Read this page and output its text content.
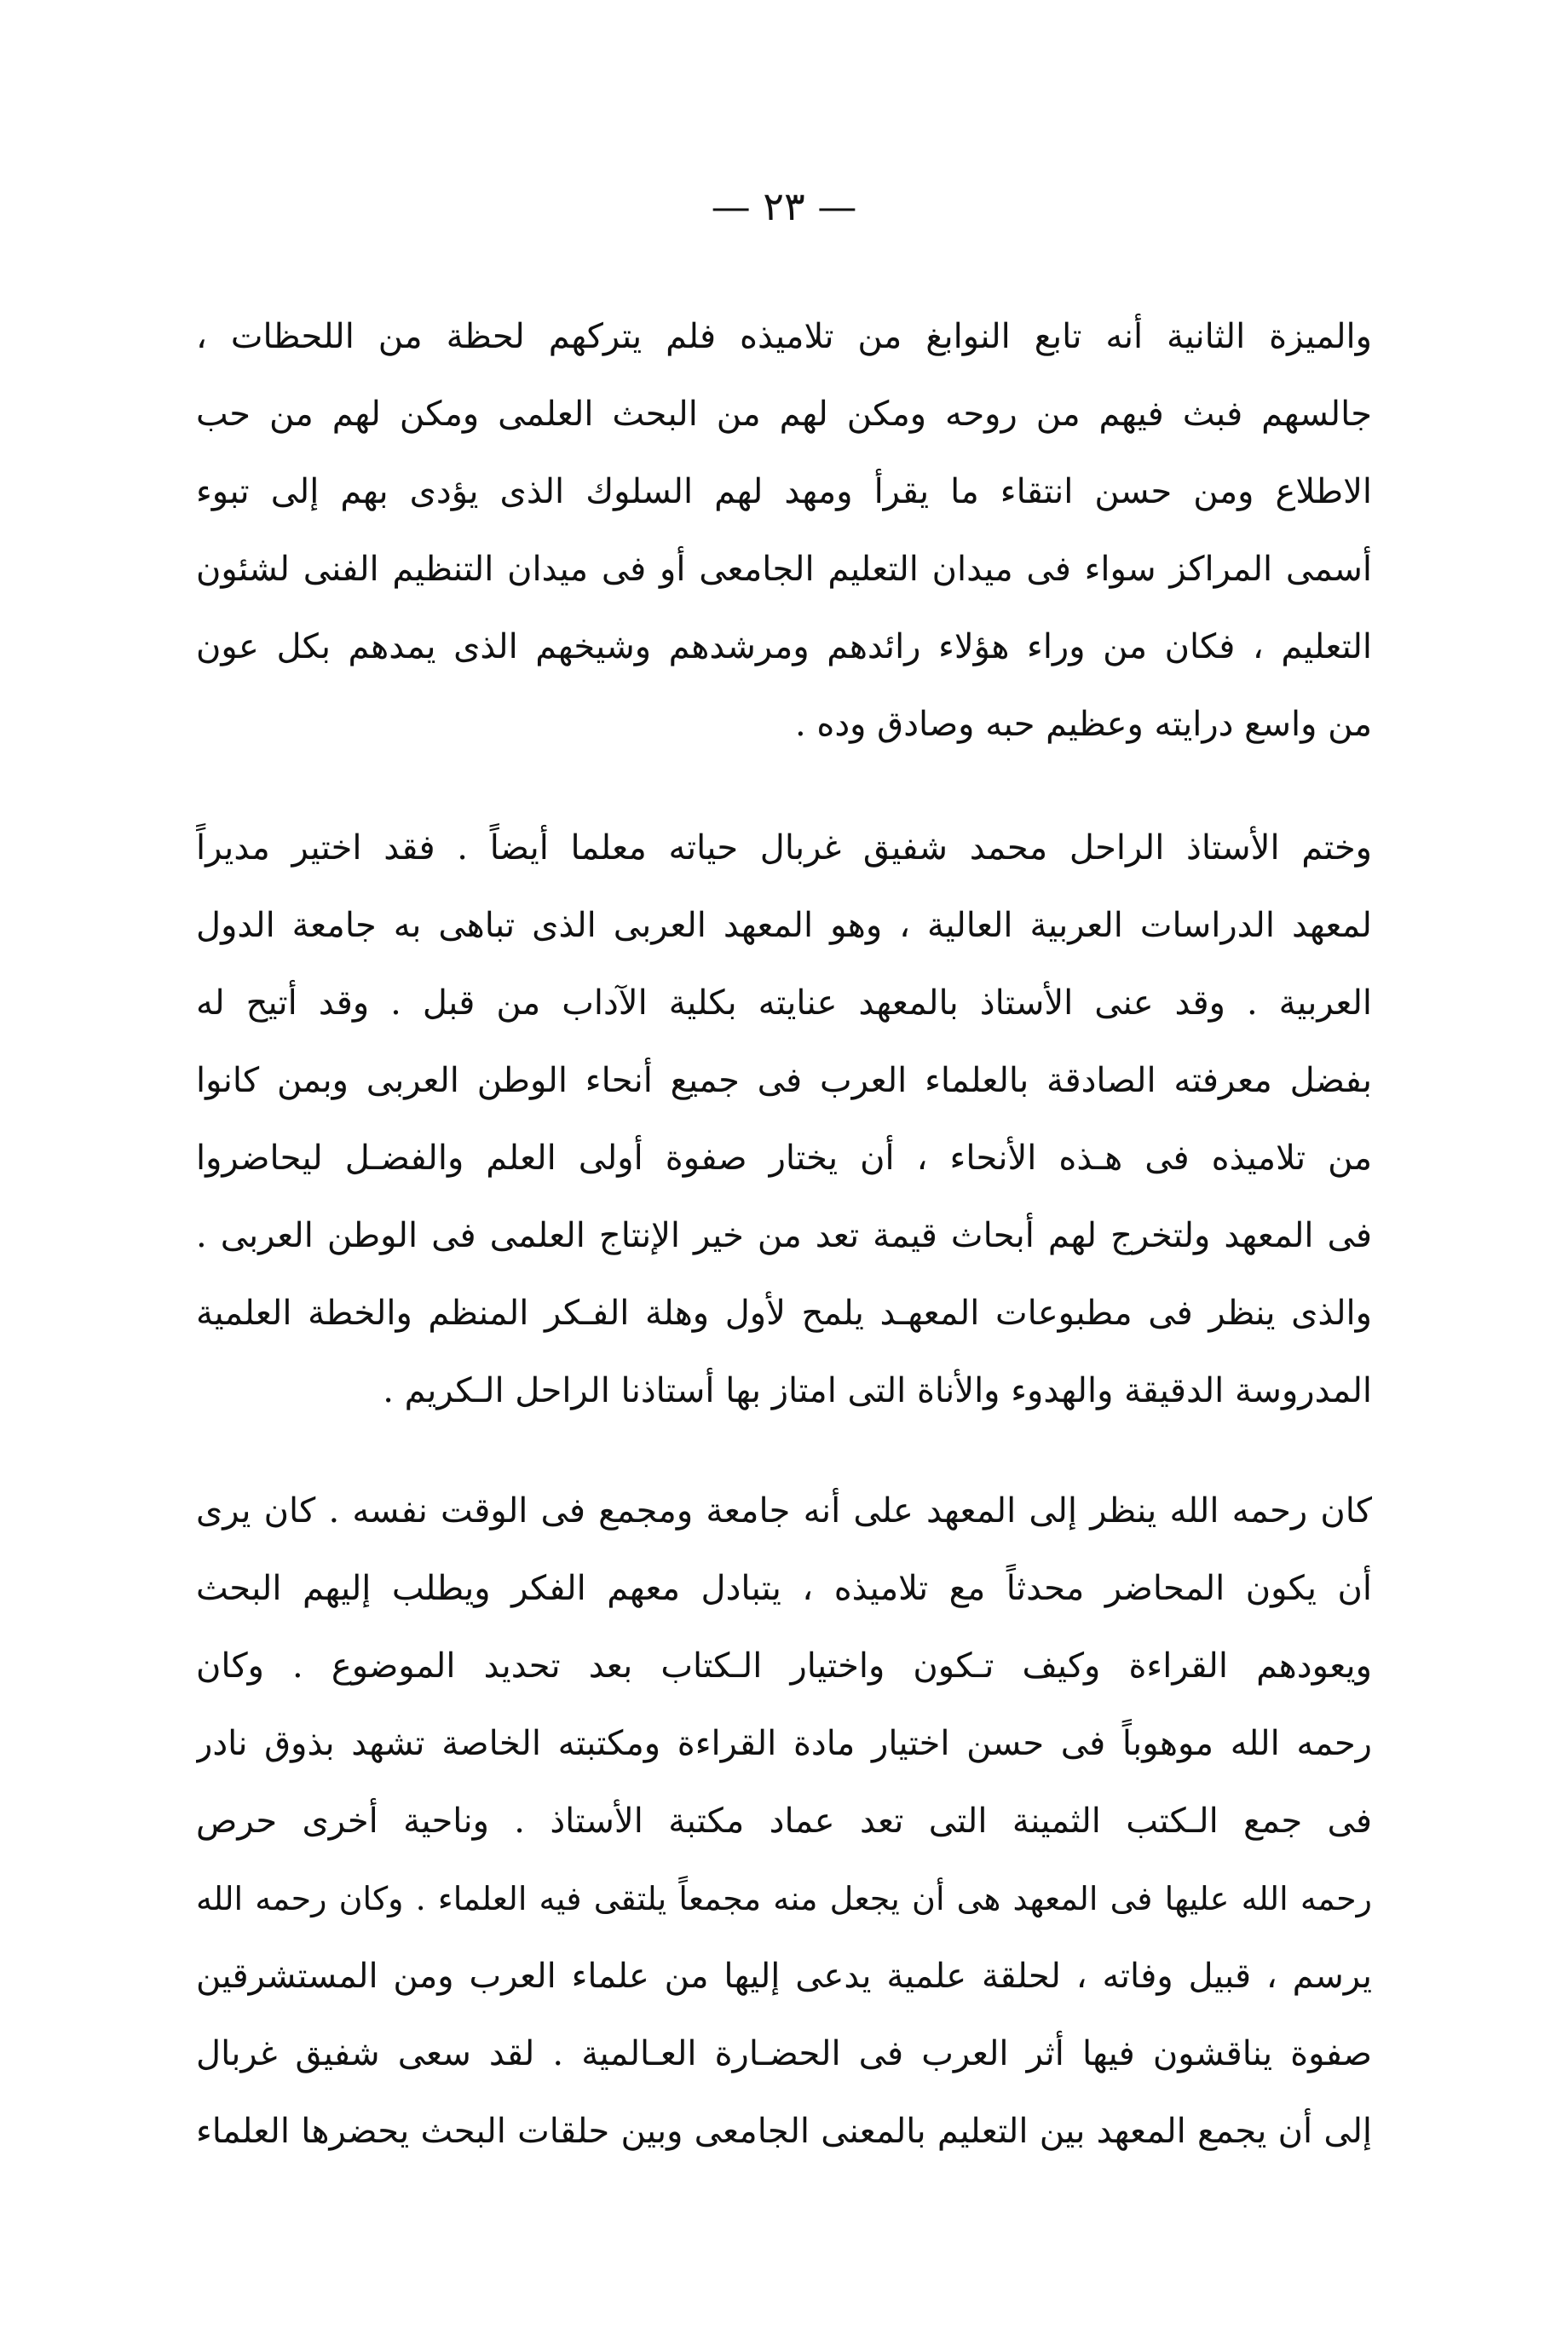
— ٢٣ —
والميزة الثانية أنه تابع النوابغ من تلاميذه فلم يتركهم لحظة من اللحظات ،
جالسهم فبث فيهم من روحه ومكن لهم من البحث العلمى ومكن لهم من حب
الاطلاع ومن حسن انتقاء ما يقرأ ومهد لهم السلوك الذى يؤدى بهم إلى تبوء
أسمى المراكز سواء فى ميدان التعليم الجامعى أو فى ميدان التنظيم الفنى لشئون
التعليم ، فكان من وراء هؤلاء رائدهم ومرشدهم وشيخهم الذى يمدهم بكل عون
من واسع درايته وعظيم حبه وصادق وده .
وختم الأستاذ الراحل محمد شفيق غربال حياته معلما أيضاً . فقد اختير مديراً
لمعهد الدراسات العربية العالية ، وهو المعهد العربى الذى تباهى به جامعة الدول
العربية . وقد عنى الأستاذ بالمعهد عنايته بكلية الآداب من قبل . وقد أتيح له
بفضل معرفته الصادقة بالعلماء العرب فى جميع أنحاء الوطن العربى وبمن كانوا
من تلاميذه فى هـذه الأنحاء ، أن يختار صفوة أولى العلم والفضـل ليحاضروا
فى المعهد ولتخرج لهم أبحاث قيمة تعد من خير الإنتاج العلمى فى الوطن العربى .
والذى ينظر فى مطبوعات المعهـد يلمح لأول وهلة الفـكر المنظم والخطة العلمية
المدروسة الدقيقة والهدوء والأناة التى امتاز بها أستاذنا الراحل الـكريم .
كان رحمه الله ينظر إلى المعهد على أنه جامعة ومجمع فى الوقت نفسه . كان يرى
أن يكون المحاضر محدثاً مع تلاميذه ، يتبادل معهم الفكر ويطلب إليهم البحث
ويعودهم القراءة وكيف تـكون واختيار الـكتاب بعد تحديد الموضوع . وكان
رحمه الله موهوباً فى حسن اختيار مادة القراءة ومكتبته الخاصة تشهد بذوق نادر
فى جمع الـكتب الثمينة التى تعد عماد مكتبة الأستاذ . وناحية أخرى حرص
رحمه الله عليها فى المعهد هى أن يجعل منه مجمعاً يلتقى فيه العلماء . وكان رحمه الله
يرسم ، قبيل وفاته ، لحلقة علمية يدعى إليها من علماء العرب ومن المستشرقين
صفوة يناقشون فيها أثر العرب فى الحضـارة العـالمية . لقد سعى شفيق غربال
إلى أن يجمع المعهد بين التعليم بالمعنى الجامعى وبين حلقات البحث يحضرها العلماء
